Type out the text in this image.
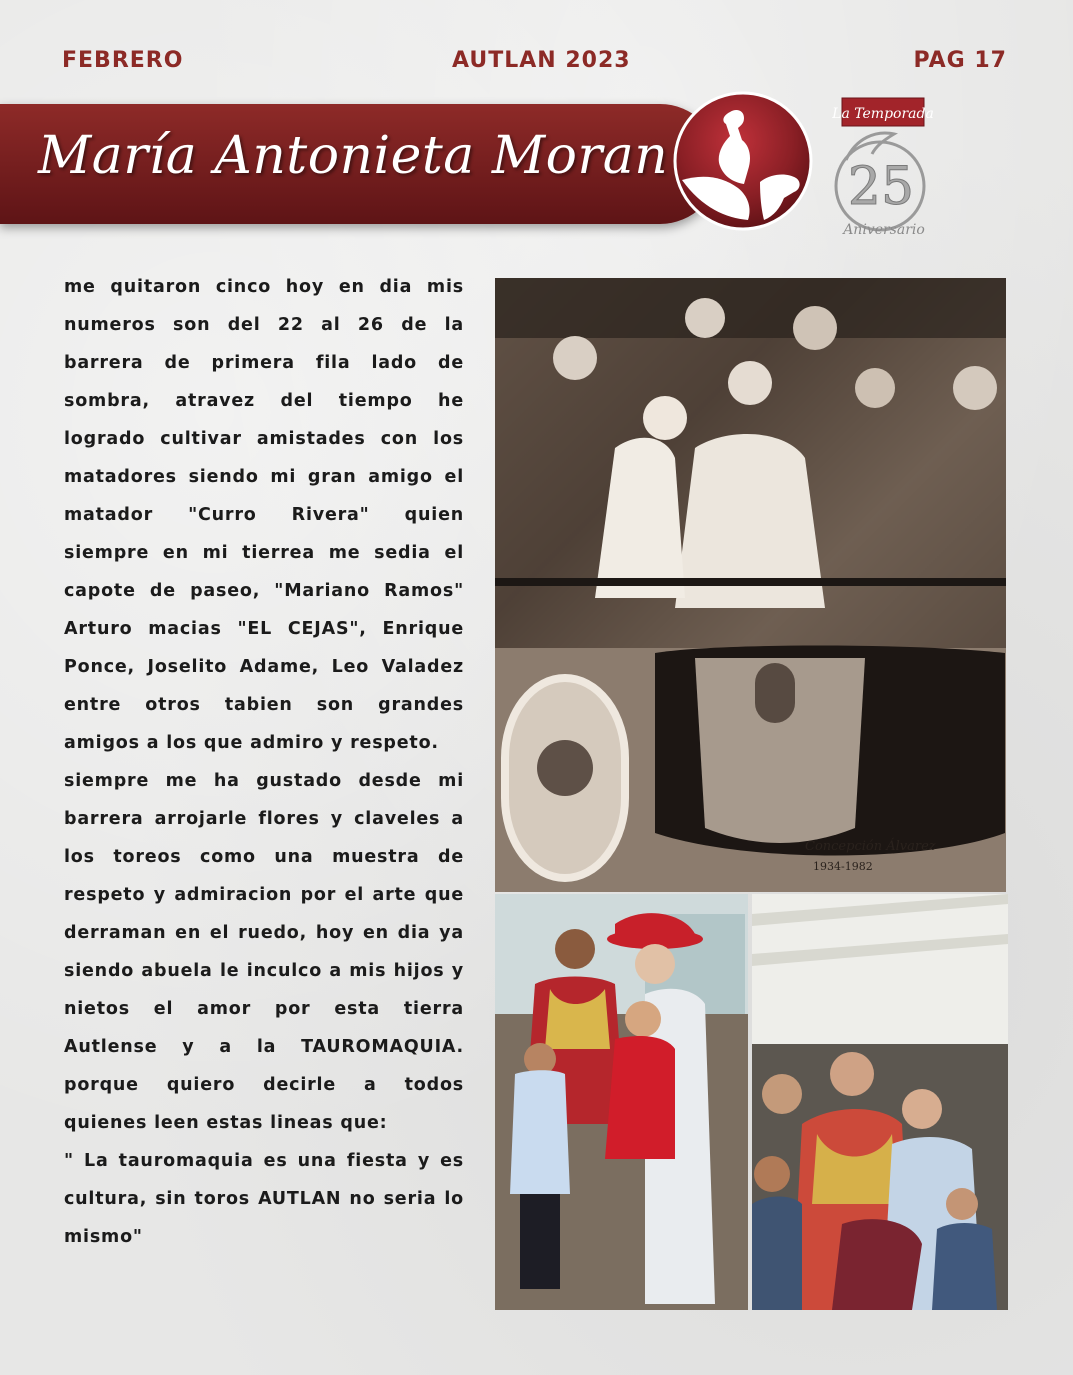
FEBRERO	AUTLAN 2023	PAG 17
María Antonieta Moran
La Temporada
25
Aniversario

me quitaron cinco hoy en dia mis numeros son del 22 al 26 de la barrera de primera fila lado de sombra, atravez del tiempo he logrado cultivar amistades con los matadores siendo mi gran amigo el matador "Curro Rivera" quien siempre en mi tierrea me sedia el capote de paseo, "Mariano Ramos" Arturo macias "EL CEJAS", Enrique Ponce, Joselito Adame, Leo Valadez entre otros tabien son grandes amigos a los que admiro y respeto.

siempre me ha gustado desde mi barrera arrojarle flores y claveles a los toreos como una muestra de respeto y admiracion por el arte que derraman en el ruedo, hoy en dia ya siendo abuela le inculco a mis hijos y nietos el amor por esta tierra Autlense y a la TAUROMAQUIA. porque quiero decirle a todos quienes leen estas lineas que:

" La tauromaquia es una fiesta y es cultura, sin toros AUTLAN no seria lo mismo"

Concepción Álvarez
1934-1982
